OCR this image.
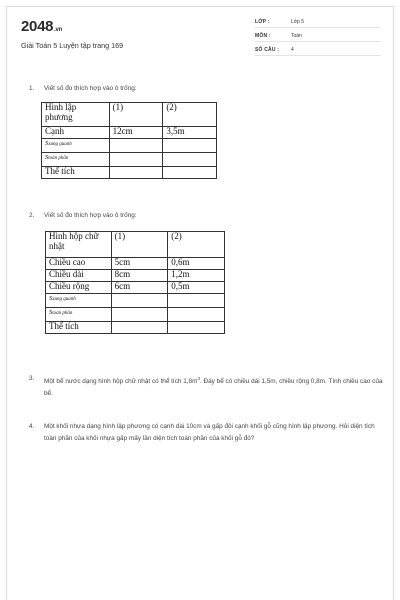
2048.vn
Giải Toán 5 Luyện tập trang 169
LỚP :	Lớp 5
MÔN :	Toán
SỐ CÂU : 4
1. Viết số đo thích hợp vào ô trống:
Hình lập phương	(1)	(2)
Cạnh	12cm	3,5m
Sxung quanh		
Stoàn phần		
Thể tích		
2. Viết số đo thích hợp vào ô trống:
Hình hộp chữ nhật	(1)	(2)
Chiều cao	5cm	0,6m
Chiều dài	8cm	1,2m
Chiều rộng	6cm	0,5m
Sxung quanh		
Stoàn phần		
Thể tích		
3. Một bể nước dạng hình hộp chữ nhật có thể tích $1,8m^3$. Đáy bể có chiều dài 1,5m, chiều rộng 0,8m. Tính chiều cao của bể.
4. Một khối nhựa dạng hình lập phương có cạnh dài 10cm và gấp đôi cạnh khối gỗ cũng hình lập phương. Hỏi diện tích toàn phần của khối nhựa gấp mấy lần diện tích toàn phần của khối gỗ đó?
